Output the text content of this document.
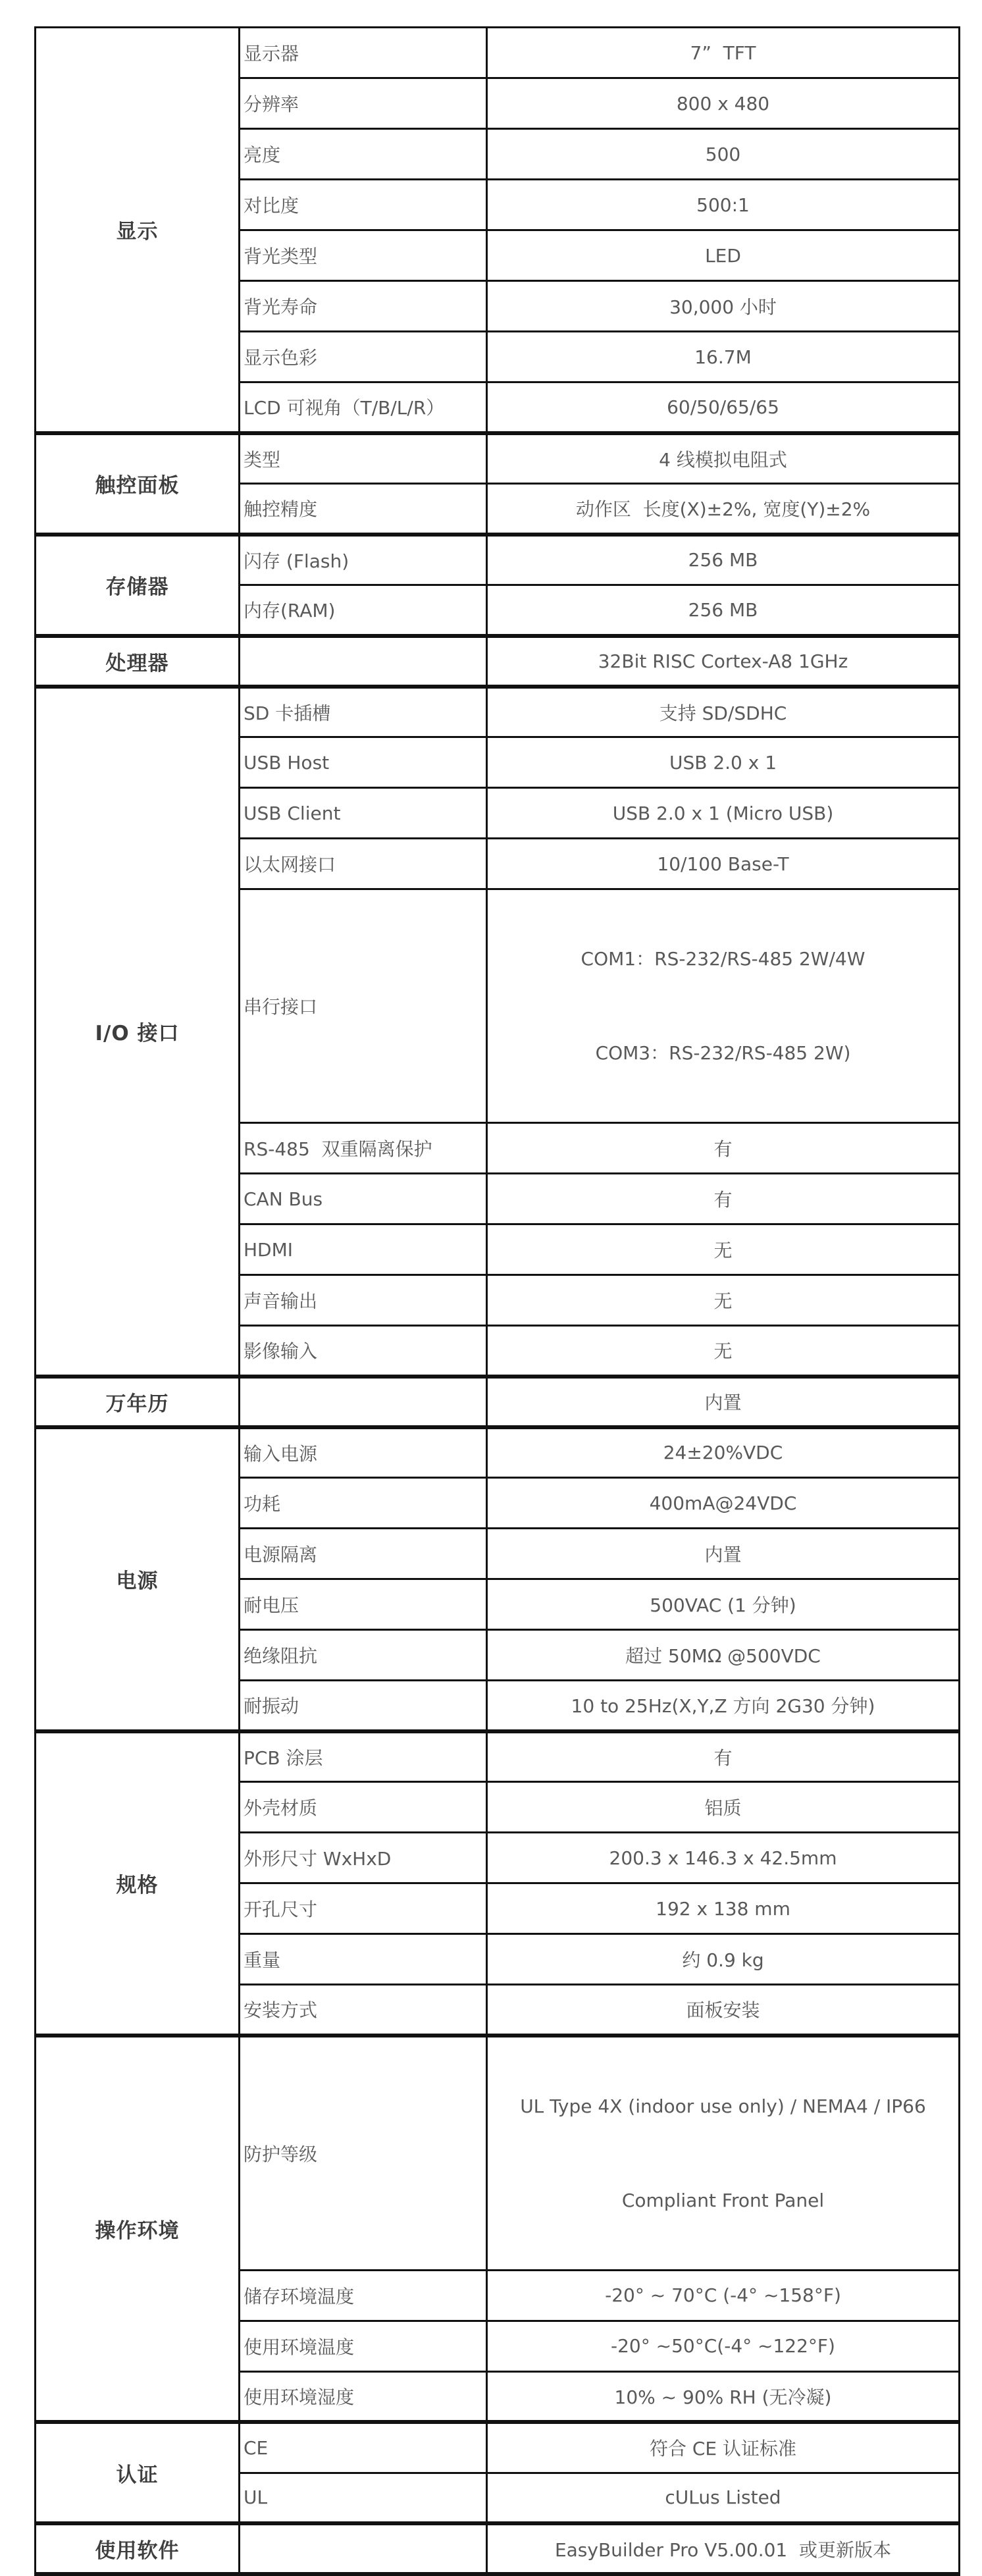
显示	显示器	7”  TFT
	分辨率	800 x 480
	亮度	500
	对比度	500:1
	背光类型	LED
	背光寿命	30,000 小时
	显示色彩	16.7M
	LCD 可视角（T/B/L/R）	60/50/65/65
触控面板	类型	4 线模拟电阻式
	触控精度	动作区  长度(X)±2%, 宽度(Y)±2%
存储器	闪存 (Flash)	256 MB
	内存(RAM)	256 MB
处理器		32Bit RISC Cortex-A8 1GHz
I/O 接口	SD 卡插槽	支持 SD/SDHC
	USB Host	USB 2.0 x 1
	USB Client	USB 2.0 x 1 (Micro USB)
	以太网接口	10/100 Base-T
	串行接口	COM1：RS-232/RS-485 2W/4W

COM3：RS-232/RS-485 2W)

	RS-485  双重隔离保护	有
	CAN Bus	有
	HDMI	无
	声音输出	无
	影像输入	无
万年历		内置
电源	输入电源	24±20%VDC
	功耗	400mA@24VDC
	电源隔离	内置
	耐电压	500VAC (1 分钟)
	绝缘阻抗	超过 50MΩ @500VDC
	耐振动	10 to 25Hz(X,Y,Z 方向 2G30 分钟)
规格	PCB 涂层	有
	外壳材质	铝质
	外形尺寸 WxHxD	200.3 x 146.3 x 42.5mm
	开孔尺寸	192 x 138 mm
	重量	约 0.9 kg
	安装方式	面板安装
操作环境	防护等级	UL Type 4X (indoor use only) / NEMA4 / IP66

Compliant Front Panel

	储存环境温度	-20° ~ 70°C (-4° ~158°F)
	使用环境温度	-20° ~50°C(-4° ~122°F)
	使用环境湿度	10% ~ 90% RH (无冷凝)
认证	CE	符合 CE 认证标准
	UL	cULus Listed
使用软件		EasyBuilder Pro V5.00.01  或更新版本
